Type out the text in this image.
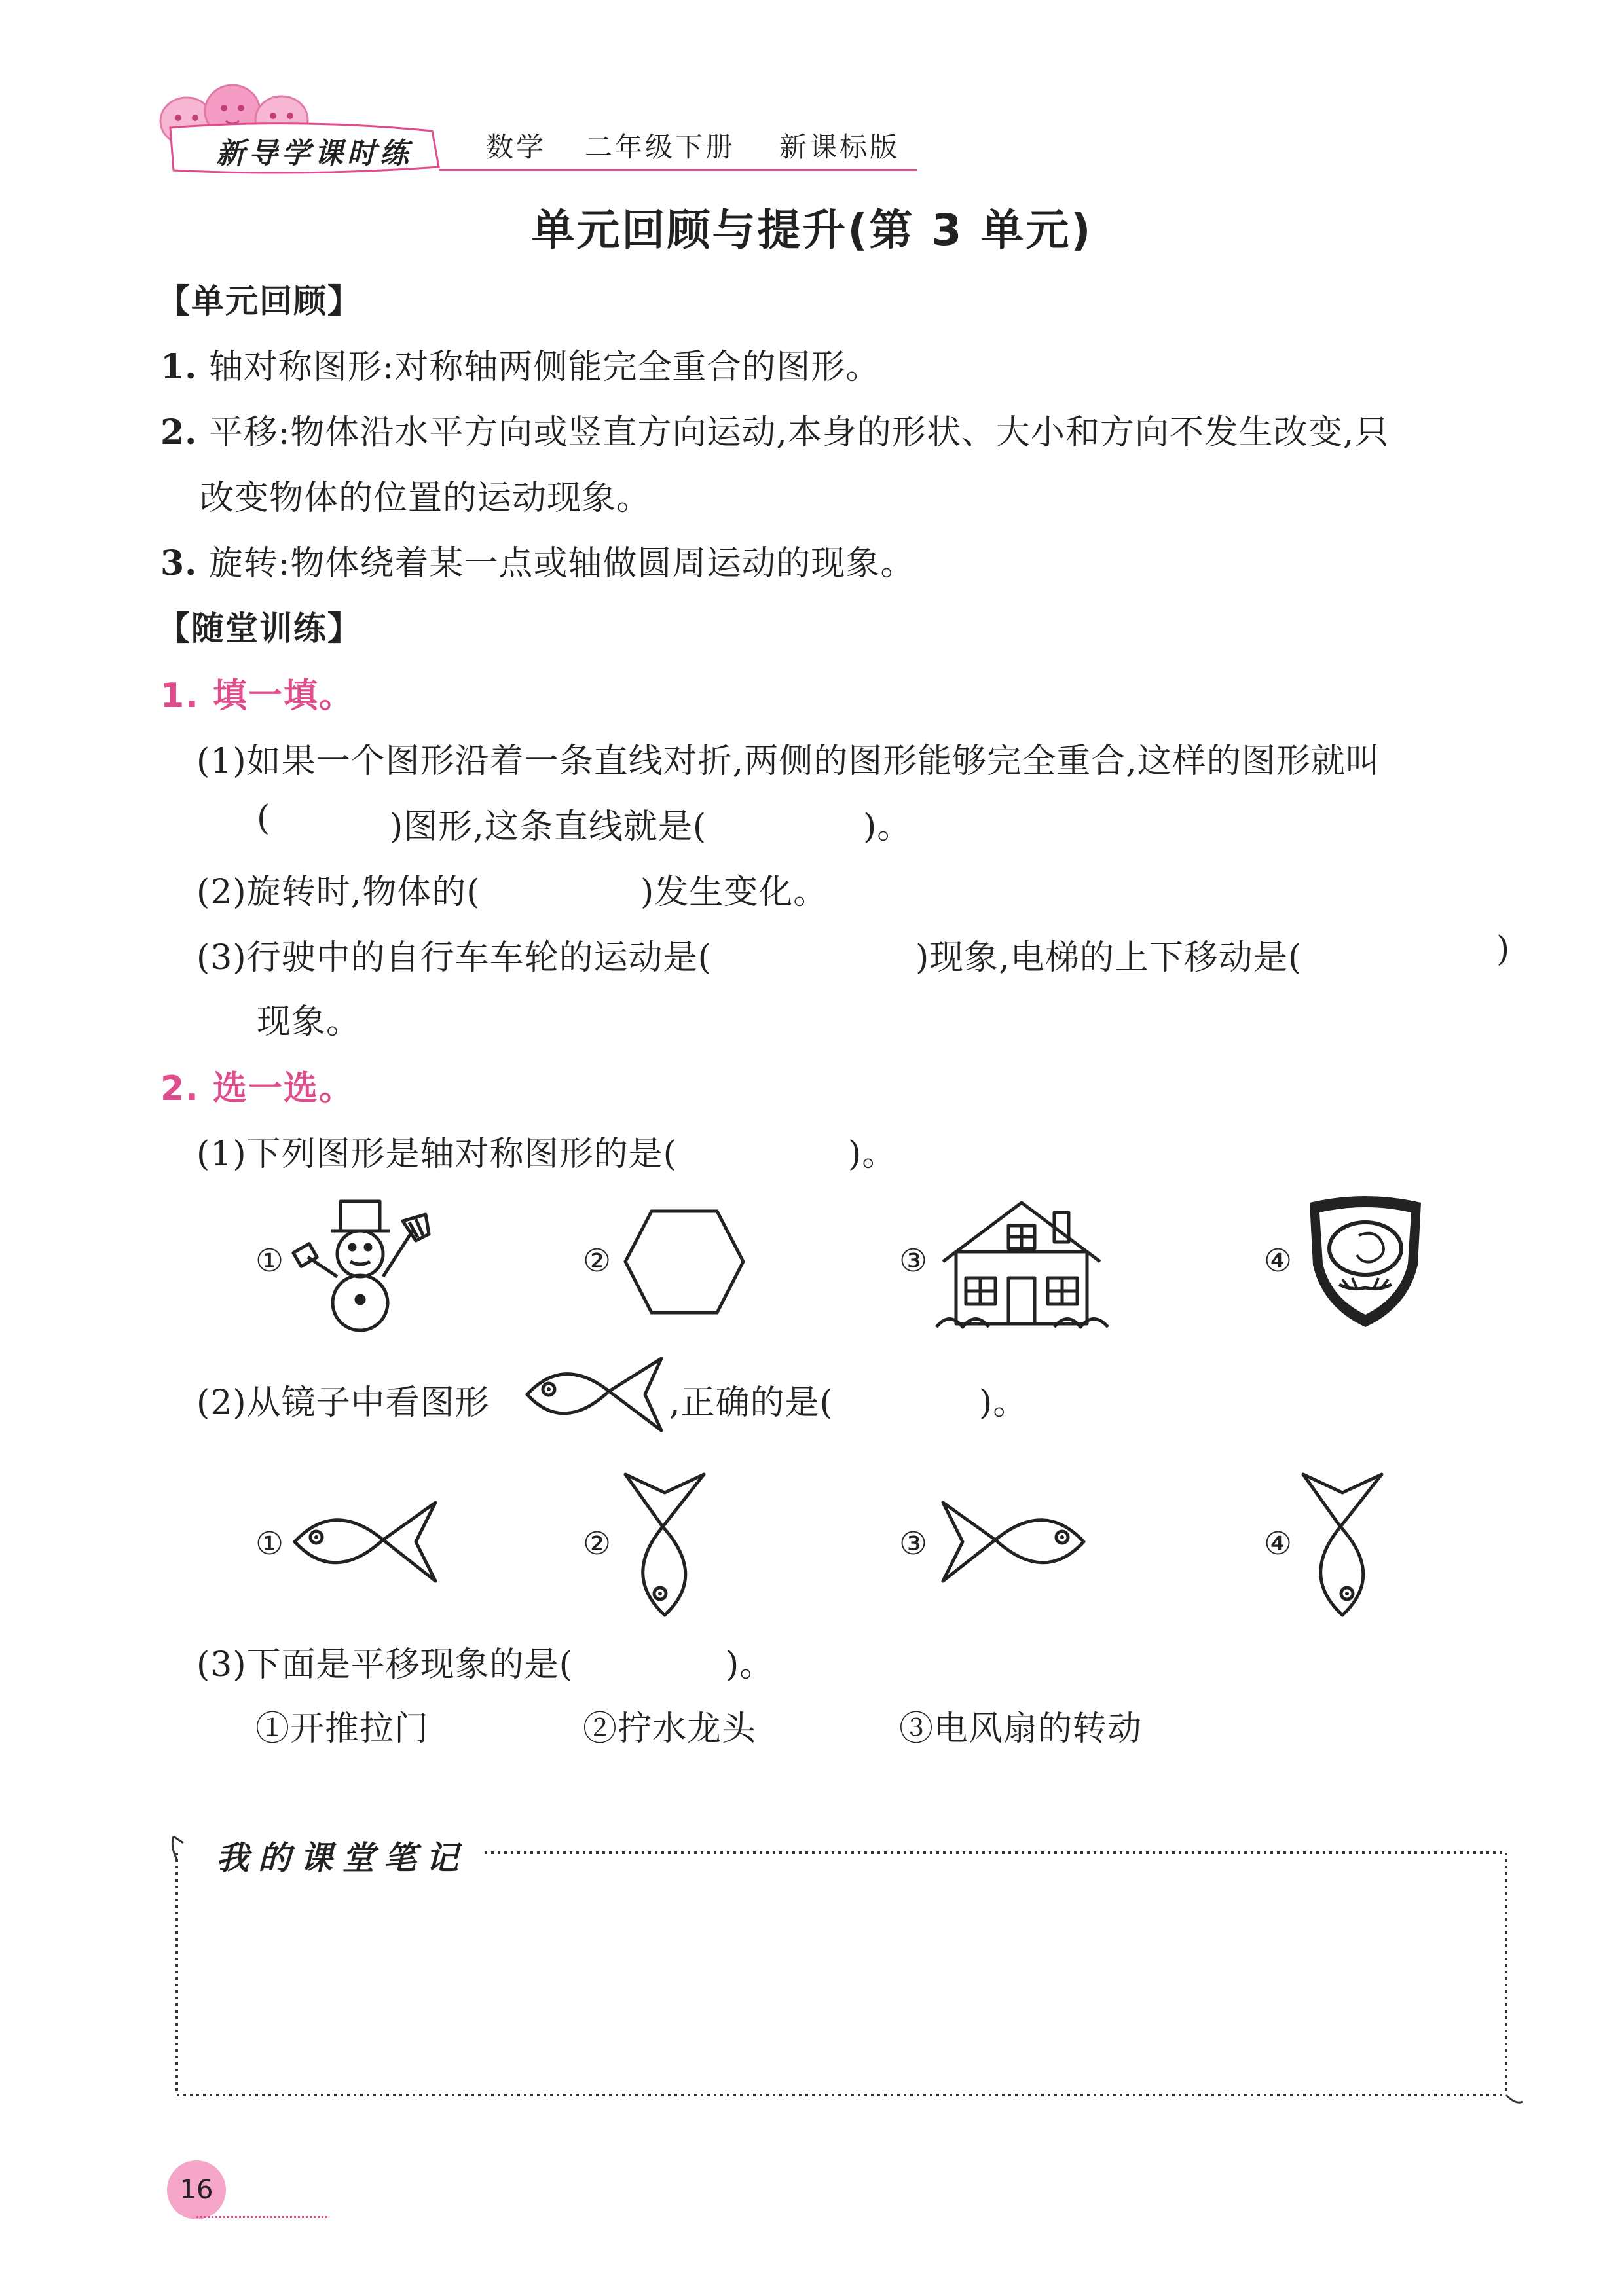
新导学课时练	数学 二年级下册 新课标版
单元回顾与提升(第 3 单元)
【单元回顾】
1. 轴对称图形:对称轴两侧能完全重合的图形。
2. 平移:物体沿水平方向或竖直方向运动,本身的形状、大小和方向不发生改变,只
改变物体的位置的运动现象。
3. 旋转:物体绕着某一点或轴做圆周运动的现象。
【随堂训练】
1. 填一填。
(1)如果一个图形沿着一条直线对折,两侧的图形能够完全重合,这样的图形就叫
(	)图形,这条直线就是(	)。
(2)旋转时,物体的(	)发生变化。
(3)行驶中的自行车车轮的运动是(	)现象,电梯的上下移动是(	)
现象。
2. 选一选。
(1)下列图形是轴对称图形的是(	)。
①	②	③	④
(2)从镜子中看图形	,正确的是(	)。
①	②	③	④
(3)下面是平移现象的是(	)。
①开推拉门	②拧水龙头	③电风扇的转动
我的课堂笔记
16
